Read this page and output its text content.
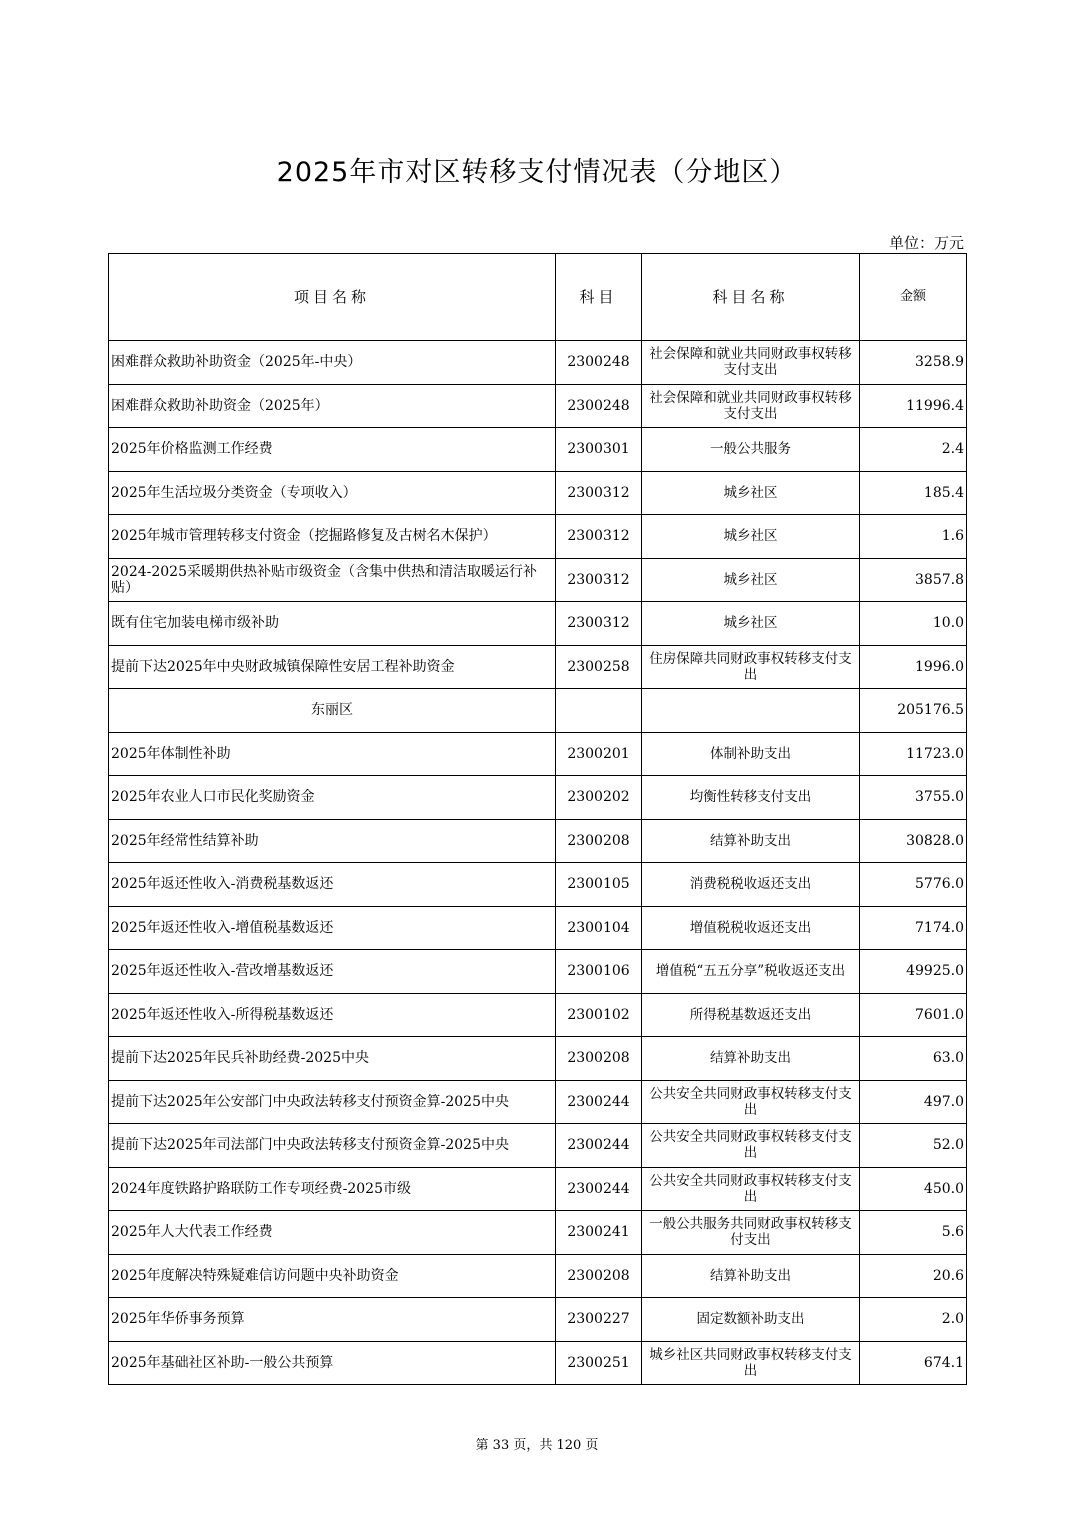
2025年市对区转移支付情况表（分地区）
单位：万元
项目名称	科目	科目名称	金额
困难群众救助补助资金（2025年-中央）	2300248	社会保障和就业共同财政事权转移支付支出	3258.9
困难群众救助补助资金（2025年）	2300248	社会保障和就业共同财政事权转移支付支出	11996.4
2025年价格监测工作经费	2300301	一般公共服务	2.4
2025年生活垃圾分类资金（专项收入）	2300312	城乡社区	185.4
2025年城市管理转移支付资金（挖掘路修复及古树名木保护）	2300312	城乡社区	1.6
2024-2025采暖期供热补贴市级资金（含集中供热和清洁取暖运行补贴）	2300312	城乡社区	3857.8
既有住宅加装电梯市级补助	2300312	城乡社区	10.0
提前下达2025年中央财政城镇保障性安居工程补助资金	2300258	住房保障共同财政事权转移支付支出	1996.0
东丽区			205176.5
2025年体制性补助	2300201	体制补助支出	11723.0
2025年农业人口市民化奖励资金	2300202	均衡性转移支付支出	3755.0
2025年经常性结算补助	2300208	结算补助支出	30828.0
2025年返还性收入-消费税基数返还	2300105	消费税税收返还支出	5776.0
2025年返还性收入-增值税基数返还	2300104	增值税税收返还支出	7174.0
2025年返还性收入-营改增基数返还	2300106	增值税“五五分享”税收返还支出	49925.0
2025年返还性收入-所得税基数返还	2300102	所得税基数返还支出	7601.0
提前下达2025年民兵补助经费-2025中央	2300208	结算补助支出	63.0
提前下达2025年公安部门中央政法转移支付预资金算-2025中央	2300244	公共安全共同财政事权转移支付支出	497.0
提前下达2025年司法部门中央政法转移支付预资金算-2025中央	2300244	公共安全共同财政事权转移支付支出	52.0
2024年度铁路护路联防工作专项经费-2025市级	2300244	公共安全共同财政事权转移支付支出	450.0
2025年人大代表工作经费	2300241	一般公共服务共同财政事权转移支付支出	5.6
2025年度解决特殊疑难信访问题中央补助资金	2300208	结算补助支出	20.6
2025年华侨事务预算	2300227	固定数额补助支出	2.0
2025年基础社区补助-一般公共预算	2300251	城乡社区共同财政事权转移支付支出	674.1
第 33 页，共 120 页
